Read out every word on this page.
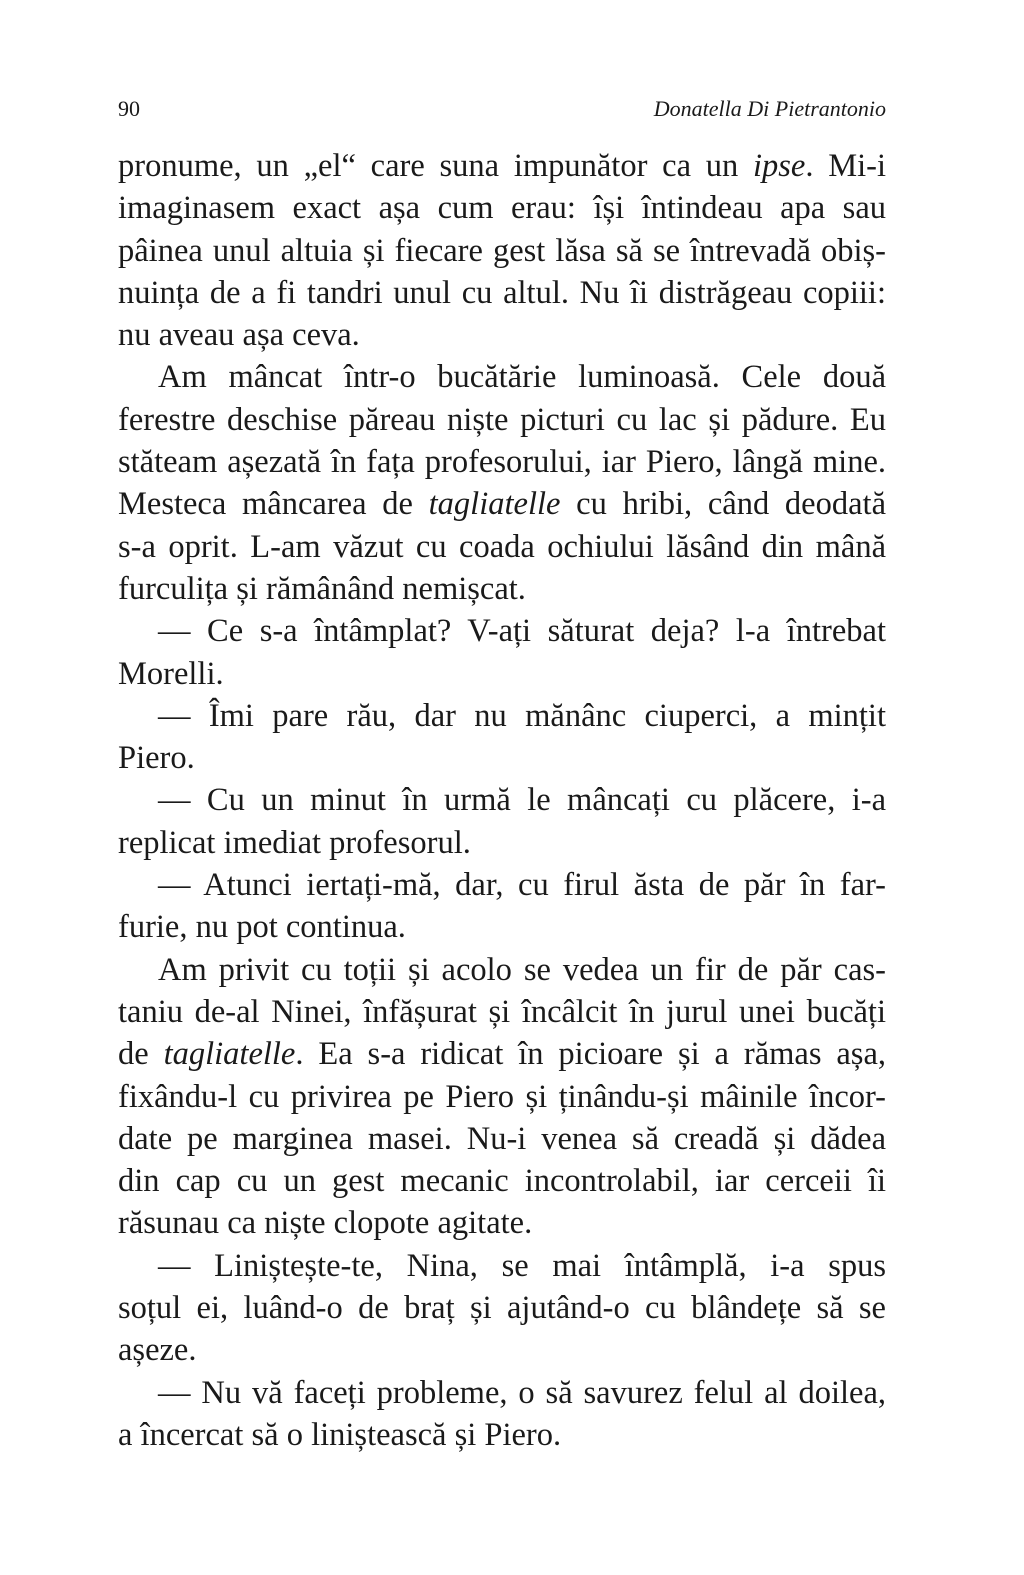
90	Donatella Di Pietrantonio
pronume, un „el“ care suna impunător ca un ipse. Mi-i
imaginasem exact așa cum erau: își întindeau apa sau
pâinea unul altuia și fiecare gest lăsa să se întrevadă obiș-
nuința de a fi tandri unul cu altul. Nu îi distrăgeau copiii:
nu aveau așa ceva.
Am mâncat într-o bucătărie luminoasă. Cele două
ferestre deschise păreau niște picturi cu lac și pădure. Eu
stăteam așezată în fața profesorului, iar Piero, lângă mine.
Mesteca mâncarea de tagliatelle cu hribi, când deodată
s-a oprit. L-am văzut cu coada ochiului lăsând din mână
furculița și rămânând nemișcat.
— Ce s-a întâmplat? V-ați săturat deja? l-a întrebat
Morelli.
— Îmi pare rău, dar nu mănânc ciuperci, a mințit
Piero.
— Cu un minut în urmă le mâncați cu plăcere, i-a
replicat imediat profesorul.
— Atunci iertați-mă, dar, cu firul ăsta de păr în far-
furie, nu pot continua.
Am privit cu toții și acolo se vedea un fir de păr cas-
taniu de-al Ninei, înfășurat și încâlcit în jurul unei bucăți
de tagliatelle. Ea s-a ridicat în picioare și a rămas așa,
fixându-l cu privirea pe Piero și ținându-și mâinile încor-
date pe marginea masei. Nu-i venea să creadă și dădea
din cap cu un gest mecanic incontrolabil, iar cerceii îi
răsunau ca niște clopote agitate.
— Liniștește-te, Nina, se mai întâmplă, i-a spus
soțul ei, luând-o de braț și ajutând-o cu blândețe să se
așeze.
— Nu vă faceți probleme, o să savurez felul al doilea,
a încercat să o liniștească și Piero.
